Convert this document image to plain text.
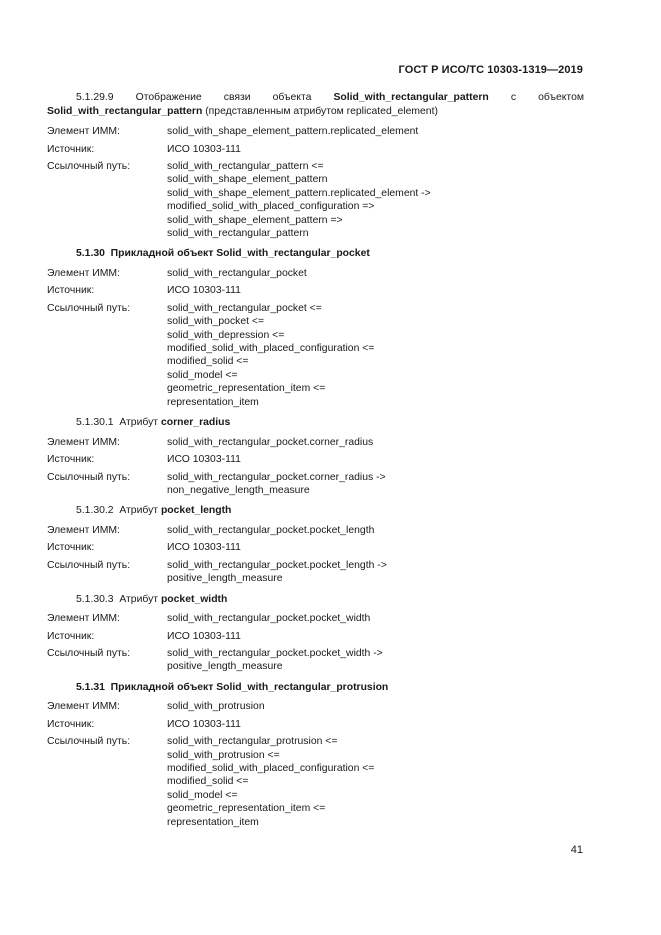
ГОСТ Р ИСО/ТС 10303-1319—2019
5.1.29.9 Отображение связи объекта Solid_with_rectangular_pattern с объектом Solid_with_rectangular_pattern (представленным атрибутом replicated_element)
Элемент ИММ:	solid_with_shape_element_pattern.replicated_element
Источник:	ИСО 10303-111
Ссылочный путь:	solid_with_rectangular_pattern <=
solid_with_shape_element_pattern
solid_with_shape_element_pattern.replicated_element ->
modified_solid_with_placed_configuration =>
solid_with_shape_element_pattern =>
solid_with_rectangular_pattern
5.1.30 Прикладной объект Solid_with_rectangular_pocket
Элемент ИММ:	solid_with_rectangular_pocket
Источник:	ИСО 10303-111
Ссылочный путь:	solid_with_rectangular_pocket <=
solid_with_pocket <=
solid_with_depression <=
modified_solid_with_placed_configuration <=
modified_solid <=
solid_model <=
geometric_representation_item <=
representation_item
5.1.30.1 Атрибут corner_radius
Элемент ИММ:	solid_with_rectangular_pocket.corner_radius
Источник:	ИСО 10303-111
Ссылочный путь:	solid_with_rectangular_pocket.corner_radius ->
non_negative_length_measure
5.1.30.2 Атрибут pocket_length
Элемент ИММ:	solid_with_rectangular_pocket.pocket_length
Источник:	ИСО 10303-111
Ссылочный путь:	solid_with_rectangular_pocket.pocket_length ->
positive_length_measure
5.1.30.3 Атрибут pocket_width
Элемент ИММ:	solid_with_rectangular_pocket.pocket_width
Источник:	ИСО 10303-111
Ссылочный путь:	solid_with_rectangular_pocket.pocket_width ->
positive_length_measure
5.1.31 Прикладной объект Solid_with_rectangular_protrusion
Элемент ИММ:	solid_with_protrusion
Источник:	ИСО 10303-111
Ссылочный путь:	solid_with_rectangular_protrusion <=
solid_with_protrusion <=
modified_solid_with_placed_configuration <=
modified_solid <=
solid_model <=
geometric_representation_item <=
representation_item
41
